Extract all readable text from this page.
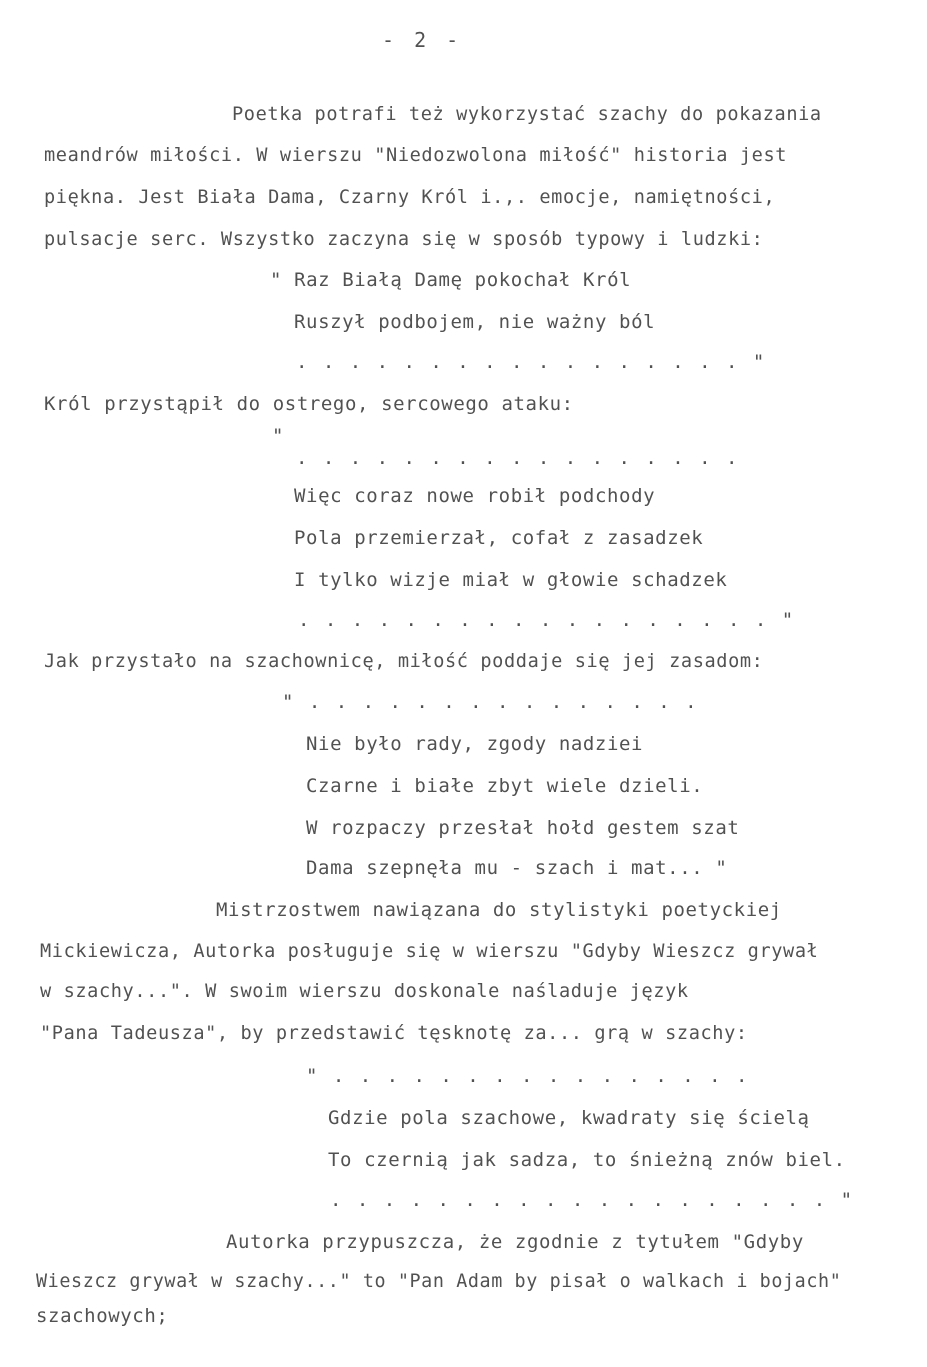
- 2 -
Poetka potrafi też wykorzystać szachy do pokazania
meandrów miłości. W wierszu "Niedozwolona miłość" historia jest
piękna. Jest Biała Dama, Czarny Król i.,. emocje, namiętności,
pulsacje serc. Wszystko zaczyna się w sposób typowy i ludzki:
" Raz Białą Damę pokochał Król
Ruszył podbojem, nie ważny ból
. . . . . . . . . . . . . . . . . "
Król przystąpił do ostrego, sercowego ataku:
"
. . . . . . . . . . . . . . . . .
Więc coraz nowe robił podchody
Pola przemierzał, cofał z zasadzek
I tylko wizje miał w głowie schadzek
. . . . . . . . . . . . . . . . . . "
Jak przystało na szachownicę, miłość poddaje się jej zasadom:
" . . . . . . . . . . . . . . .
Nie było rady, zgody nadziei
Czarne i białe zbyt wiele dzieli.
W rozpaczy przesłał hołd gestem szat
Dama szepnęła mu - szach i mat... "
Mistrzostwem nawiązana do stylistyki poetyckiej
Mickiewicza, Autorka posługuje się w wierszu "Gdyby Wieszcz grywał
w szachy...". W swoim wierszu doskonale naśladuje język
"Pana Tadeusza", by przedstawić tęsknotę za... grą w szachy:
" . . . . . . . . . . . . . . . .
Gdzie pola szachowe, kwadraty się ścielą
To czernią jak sadza, to śnieżną znów biel.
. . . . . . . . . . . . . . . . . . . "
Autorka przypuszcza, że zgodnie z tytułem "Gdyby
Wieszcz grywał w szachy..." to "Pan Adam by pisał o walkach i bojach"
szachowych;
